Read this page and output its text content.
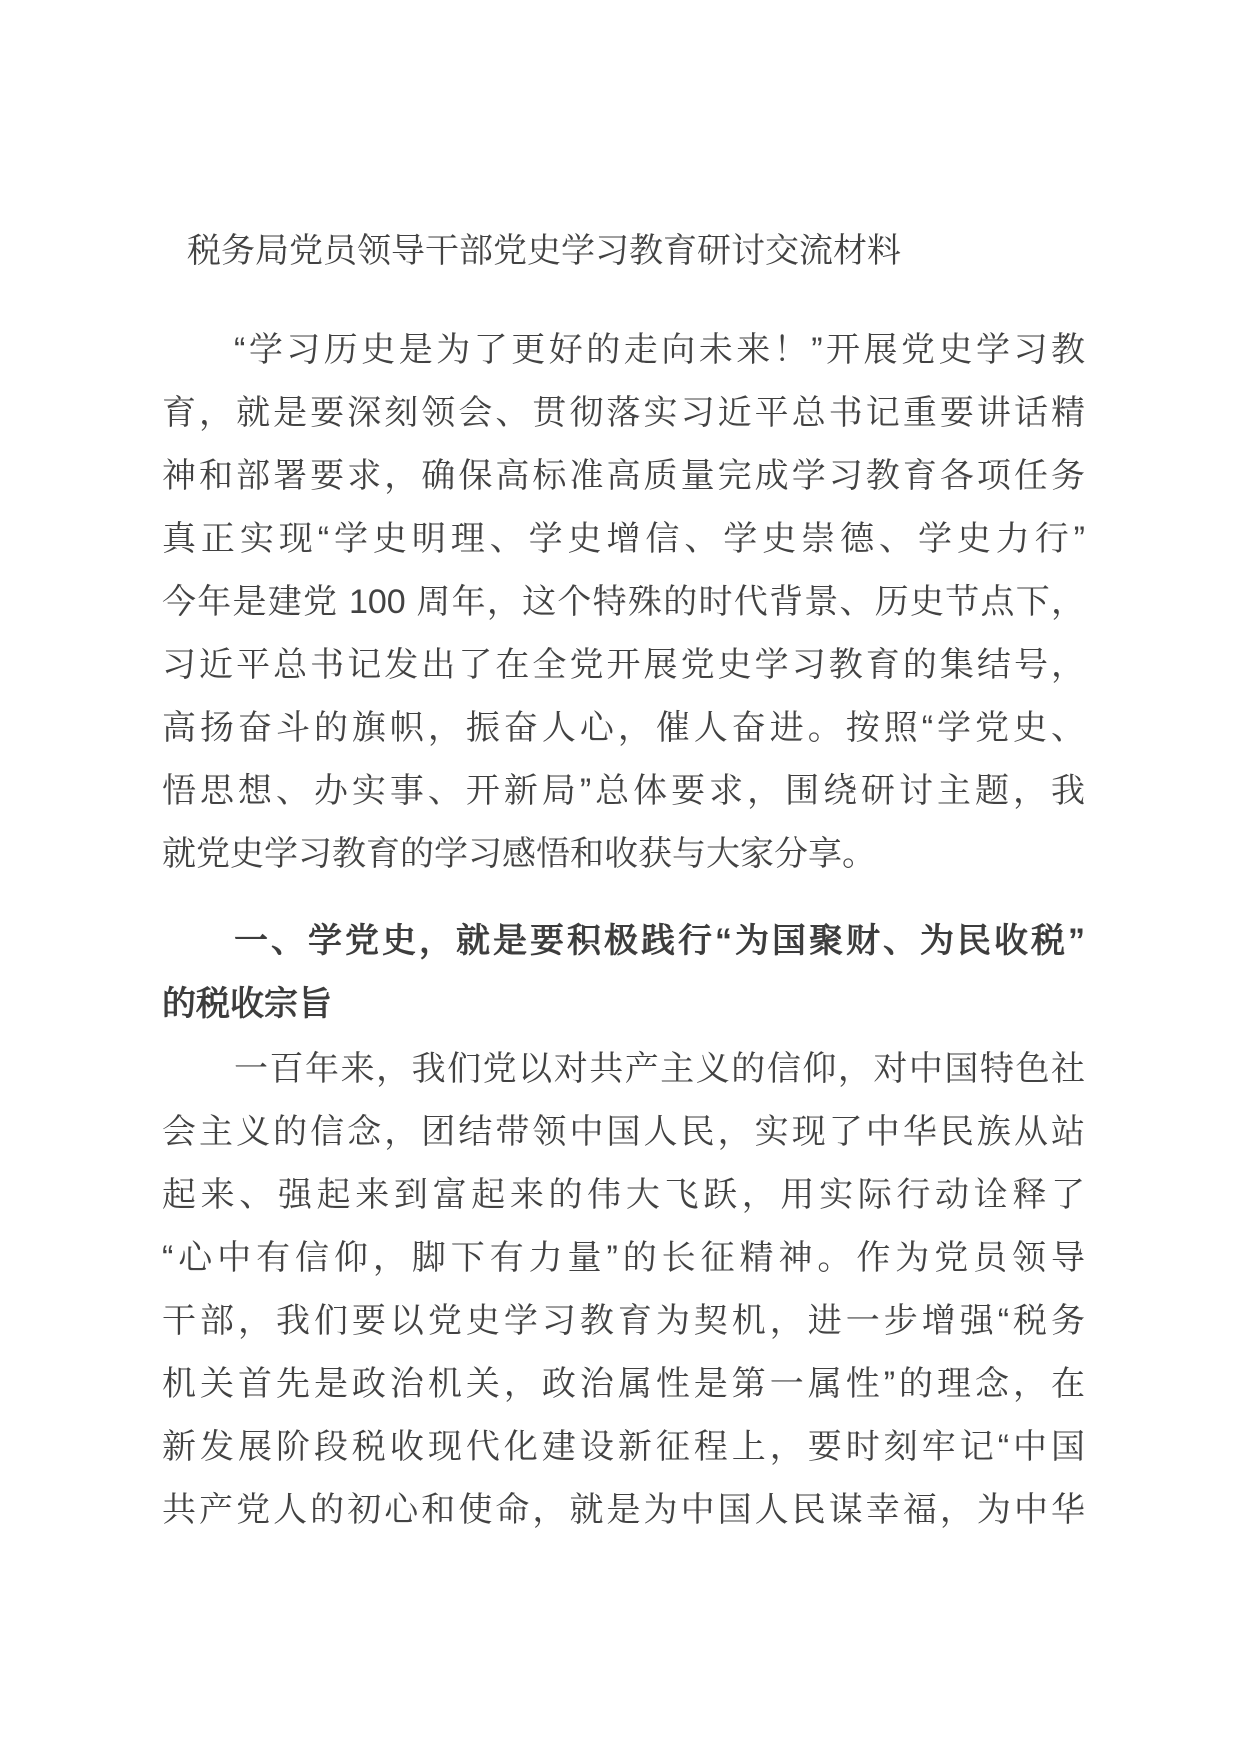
税务局党员领导干部党史学习教育研讨交流材料
“学习历史是为了更好的走向未来！”开展党史学习教
育，就是要深刻领会、贯彻落实习近平总书记重要讲话精
神和部署要求，确保高标准高质量完成学习教育各项任务
真正实现“学史明理、学史增信、学史崇德、学史力行”
今年是建党 100 周年，这个特殊的时代背景、历史节点下，
习近平总书记发出了在全党开展党史学习教育的集结号，
高扬奋斗的旗帜，振奋人心，催人奋进。按照“学党史、
悟思想、办实事、开新局”总体要求，围绕研讨主题，我
就党史学习教育的学习感悟和收获与大家分享。
一、学党史，就是要积极践行“为国聚财、为民收税”
的税收宗旨
一百年来，我们党以对共产主义的信仰，对中国特色社
会主义的信念，团结带领中国人民，实现了中华民族从站
起来、强起来到富起来的伟大飞跃，用实际行动诠释了
“心中有信仰，脚下有力量”的长征精神。作为党员领导
干部，我们要以党史学习教育为契机，进一步增强“税务
机关首先是政治机关，政治属性是第一属性”的理念，在
新发展阶段税收现代化建设新征程上，要时刻牢记“中国
共产党人的初心和使命，就是为中国人民谋幸福，为中华
